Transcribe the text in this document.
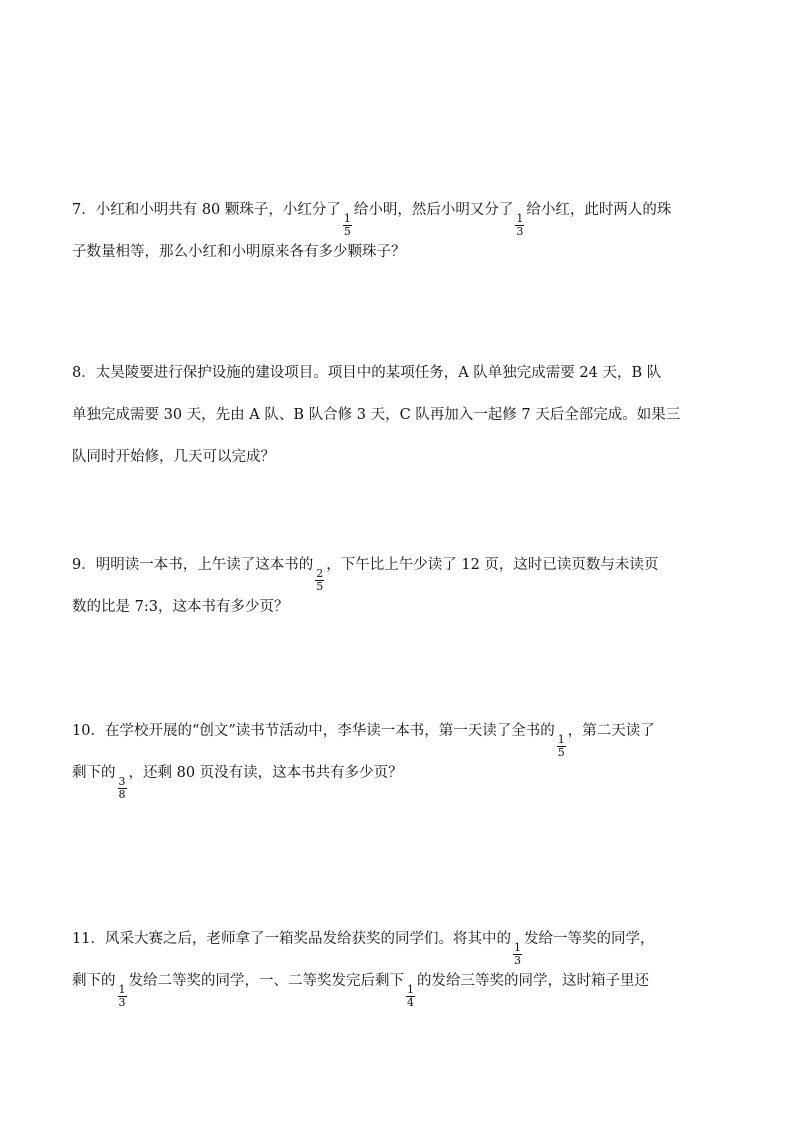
7．小红和小明共有 80 颗珠子，小红分了
$\frac{1}{5}$
给小明，然后小明又分了
$\frac{1}{3}$
给小红，此时两人的珠
子数量相等，那么小红和小明原来各有多少颗珠子？
8．太昊陵要进行保护设施的建设项目。项目中的某项任务，A 队单独完成需要 24 天，B 队
单独完成需要 30 天，先由 A 队、B 队合修 3 天，C 队再加入一起修 7 天后全部完成。如果三
队同时开始修，几天可以完成？
9．明明读一本书，上午读了这本书的
$\frac{2}{5}$
，下午比上午少读了 12 页，这时已读页数与未读页
数的比是 7:3，这本书有多少页？
10．在学校开展的“创文”读书节活动中，李华读一本书，第一天读了全书的
$\frac{1}{5}$
，第二天读了
剩下的
$\frac{3}{8}$
，还剩 80 页没有读，这本书共有多少页？
11．风采大赛之后，老师拿了一箱奖品发给获奖的同学们。将其中的
$\frac{1}{3}$
发给一等奖的同学，
剩下的
$\frac{1}{3}$
发给二等奖的同学，一、二等奖发完后剩下
$\frac{1}{4}$
的发给三等奖的同学，这时箱子里还
